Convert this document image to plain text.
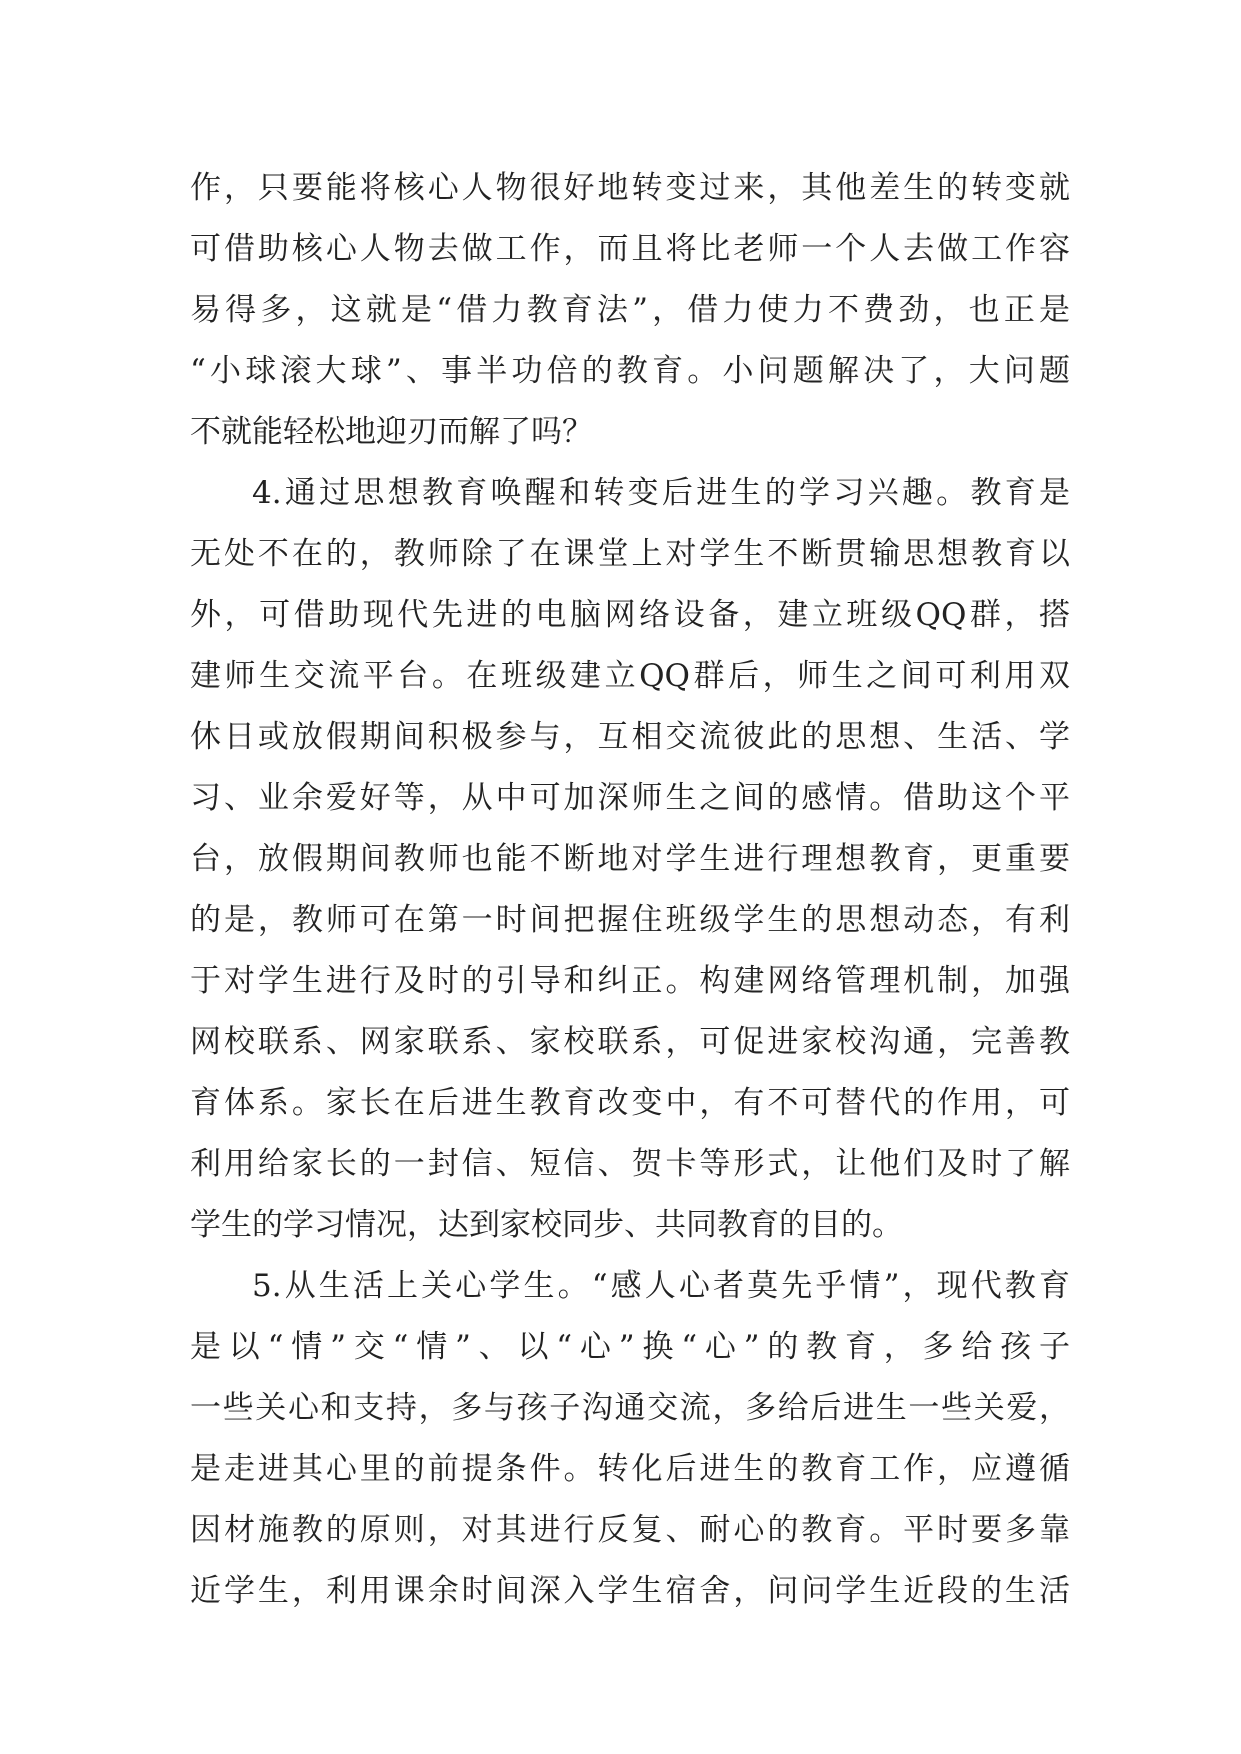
作，只要能将核心人物很好地转变过来，其他差生的转变就
可借助核心人物去做工作，而且将比老师一个人去做工作容
易得多，这就是“借力教育法”，借力使力不费劲，也正是
“小球滚大球”、事半功倍的教育。小问题解决了，大问题
不就能轻松地迎刃而解了吗？
4.通过思想教育唤醒和转变后进生的学习兴趣。教育是
无处不在的，教师除了在课堂上对学生不断贯输思想教育以
外，可借助现代先进的电脑网络设备，建立班级QQ群，搭
建师生交流平台。在班级建立QQ群后，师生之间可利用双
休日或放假期间积极参与，互相交流彼此的思想、生活、学
习、业余爱好等，从中可加深师生之间的感情。借助这个平
台，放假期间教师也能不断地对学生进行理想教育，更重要
的是，教师可在第一时间把握住班级学生的思想动态，有利
于对学生进行及时的引导和纠正。构建网络管理机制，加强
网校联系、网家联系、家校联系，可促进家校沟通，完善教
育体系。家长在后进生教育改变中，有不可替代的作用，可
利用给家长的一封信、短信、贺卡等形式，让他们及时了解
学生的学习情况，达到家校同步、共同教育的目的。
5.从生活上关心学生。“感人心者莫先乎情”，现代教育
是以“情”交“情”、以“心”换“心”的教育，多给孩子
一些关心和支持，多与孩子沟通交流，多给后进生一些关爱，
是走进其心里的前提条件。转化后进生的教育工作，应遵循
因材施教的原则，对其进行反复、耐心的教育。平时要多靠
近学生，利用课余时间深入学生宿舍，问问学生近段的生活
